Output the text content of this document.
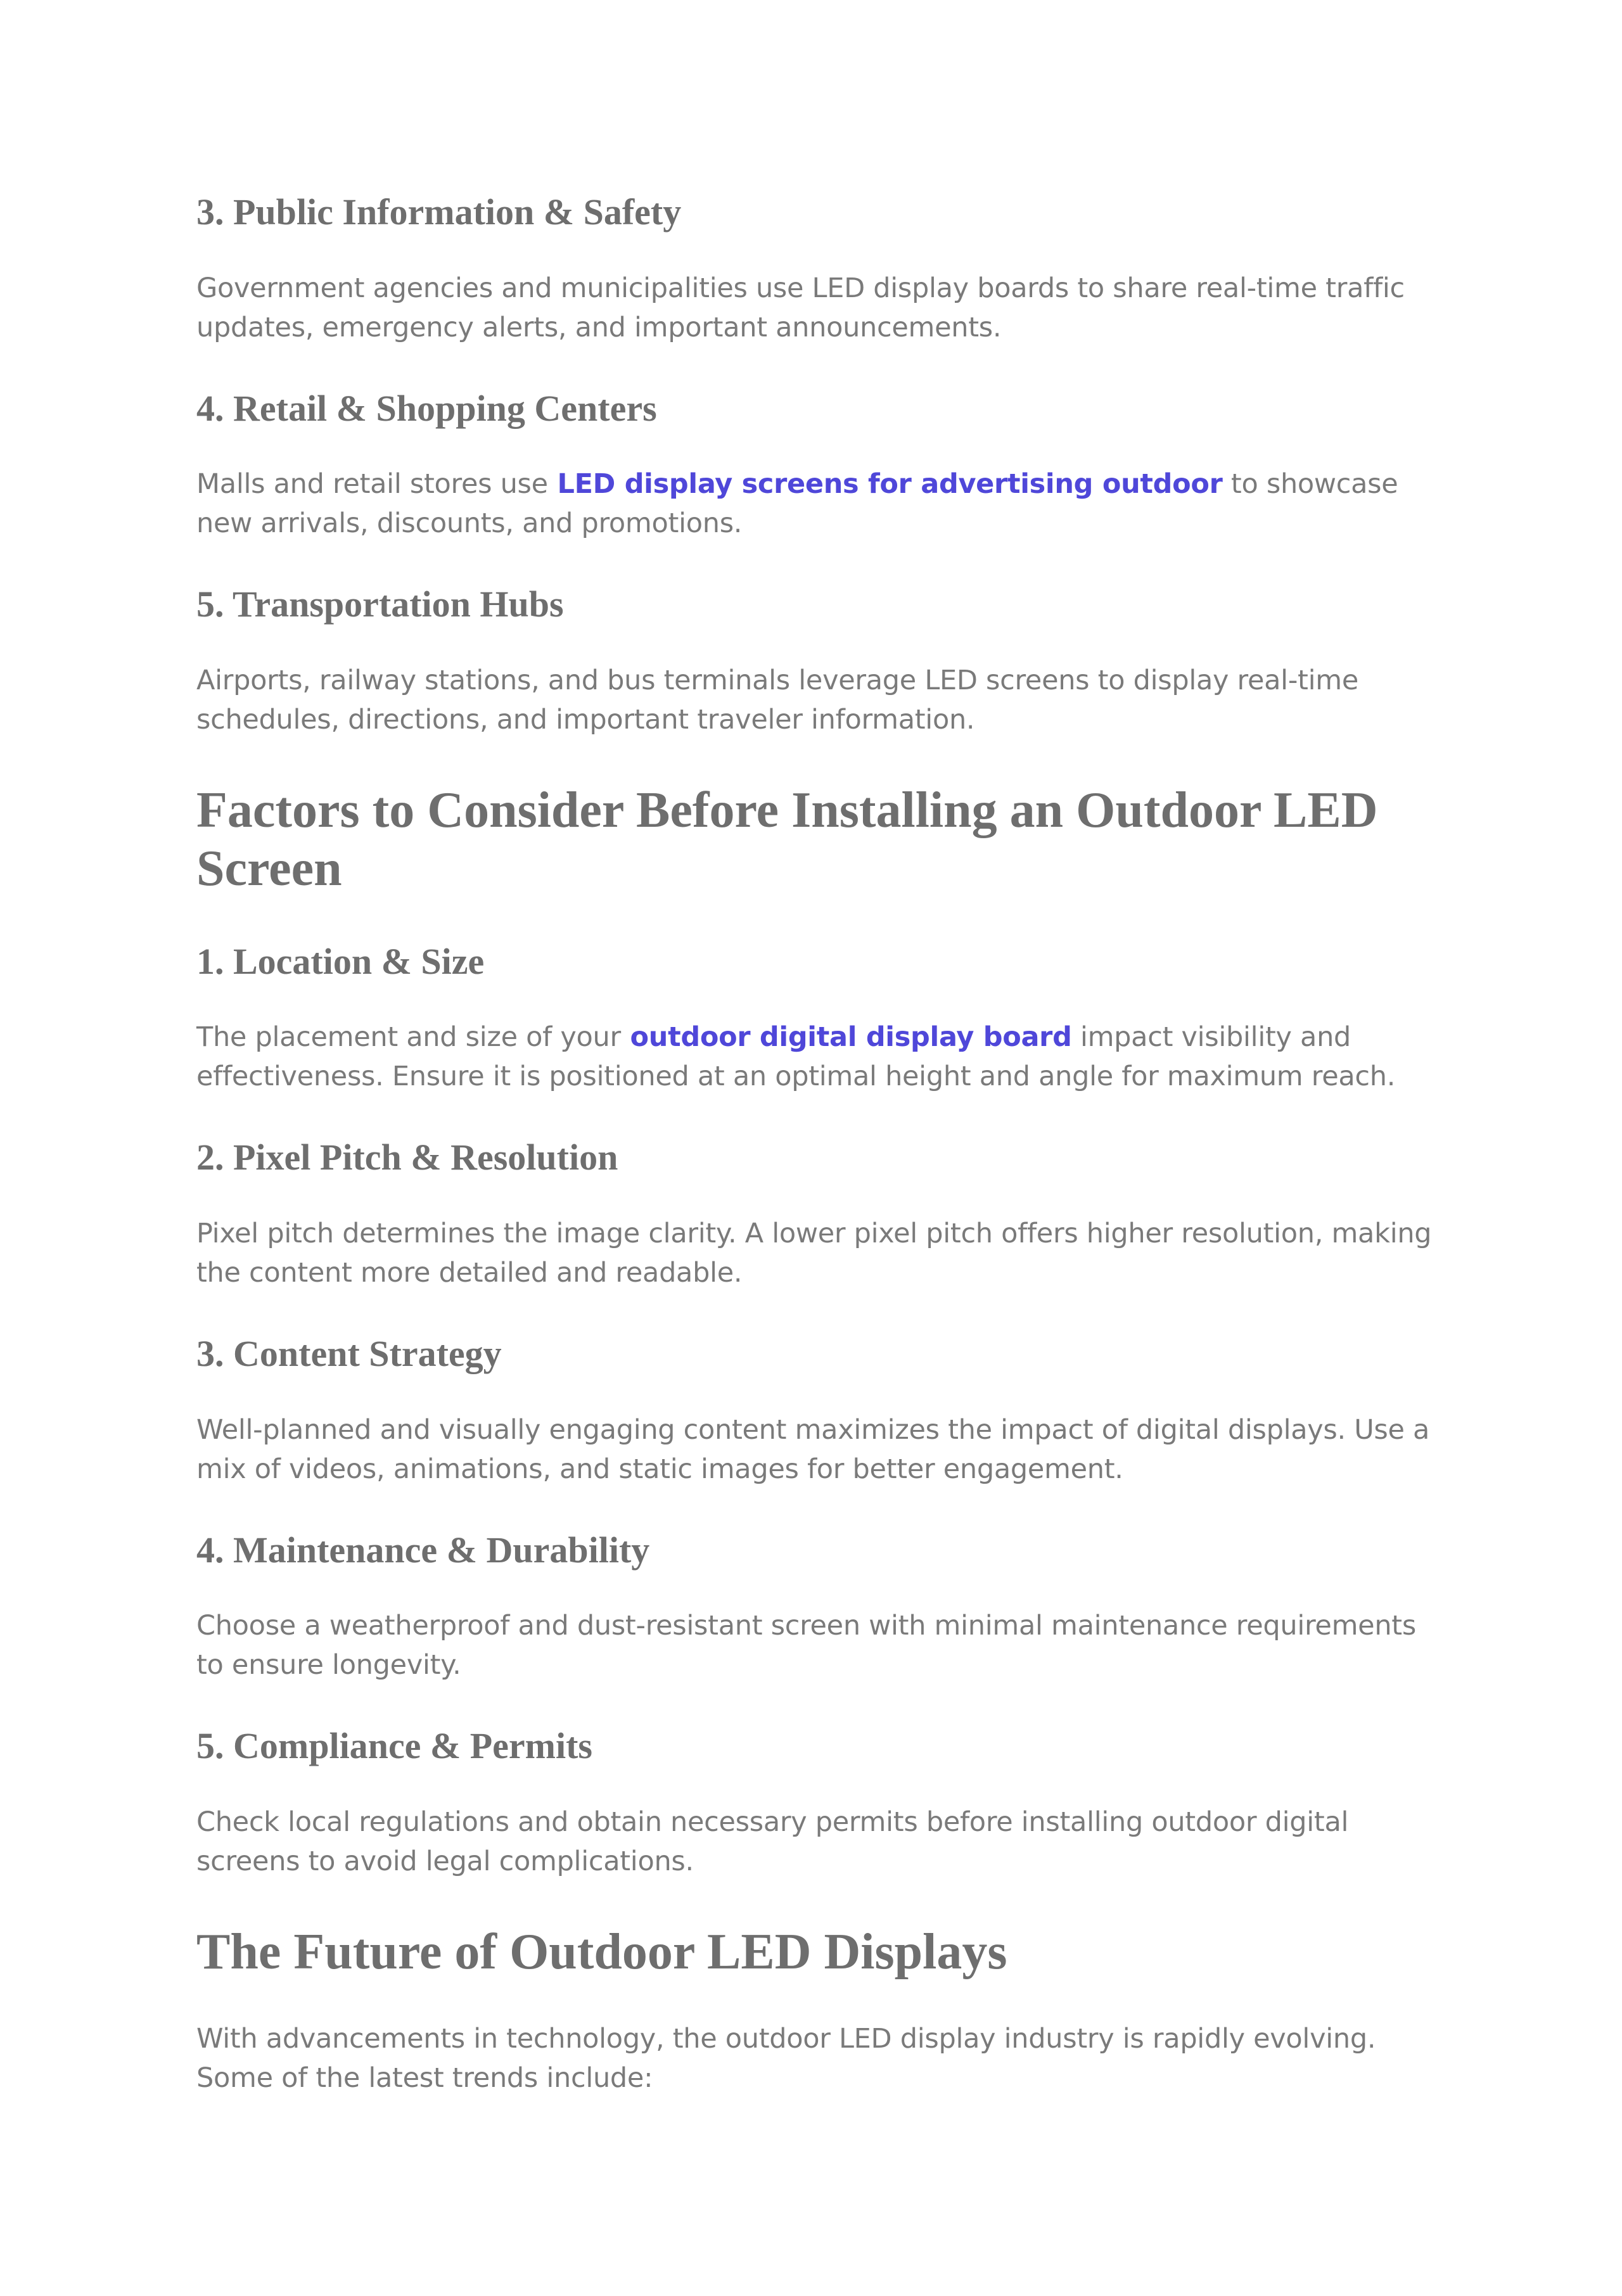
3. Public Information & Safety

Government agencies and municipalities use LED display boards to share real-time traffic updates, emergency alerts, and important announcements.

4. Retail & Shopping Centers

Malls and retail stores use LED display screens for advertising outdoor to showcase new arrivals, discounts, and promotions.

5. Transportation Hubs

Airports, railway stations, and bus terminals leverage LED screens to display real-time schedules, directions, and important traveler information.

Factors to Consider Before Installing an Outdoor LED Screen
1. Location & Size

The placement and size of your outdoor digital display board impact visibility and effectiveness. Ensure it is positioned at an optimal height and angle for maximum reach.

2. Pixel Pitch & Resolution

Pixel pitch determines the image clarity. A lower pixel pitch offers higher resolution, making the content more detailed and readable.

3. Content Strategy

Well-planned and visually engaging content maximizes the impact of digital displays. Use a mix of videos, animations, and static images for better engagement.

4. Maintenance & Durability

Choose a weatherproof and dust-resistant screen with minimal maintenance requirements to ensure longevity.

5. Compliance & Permits

Check local regulations and obtain necessary permits before installing outdoor digital screens to avoid legal complications.

The Future of Outdoor LED Displays

With advancements in technology, the outdoor LED display industry is rapidly evolving. Some of the latest trends include:
